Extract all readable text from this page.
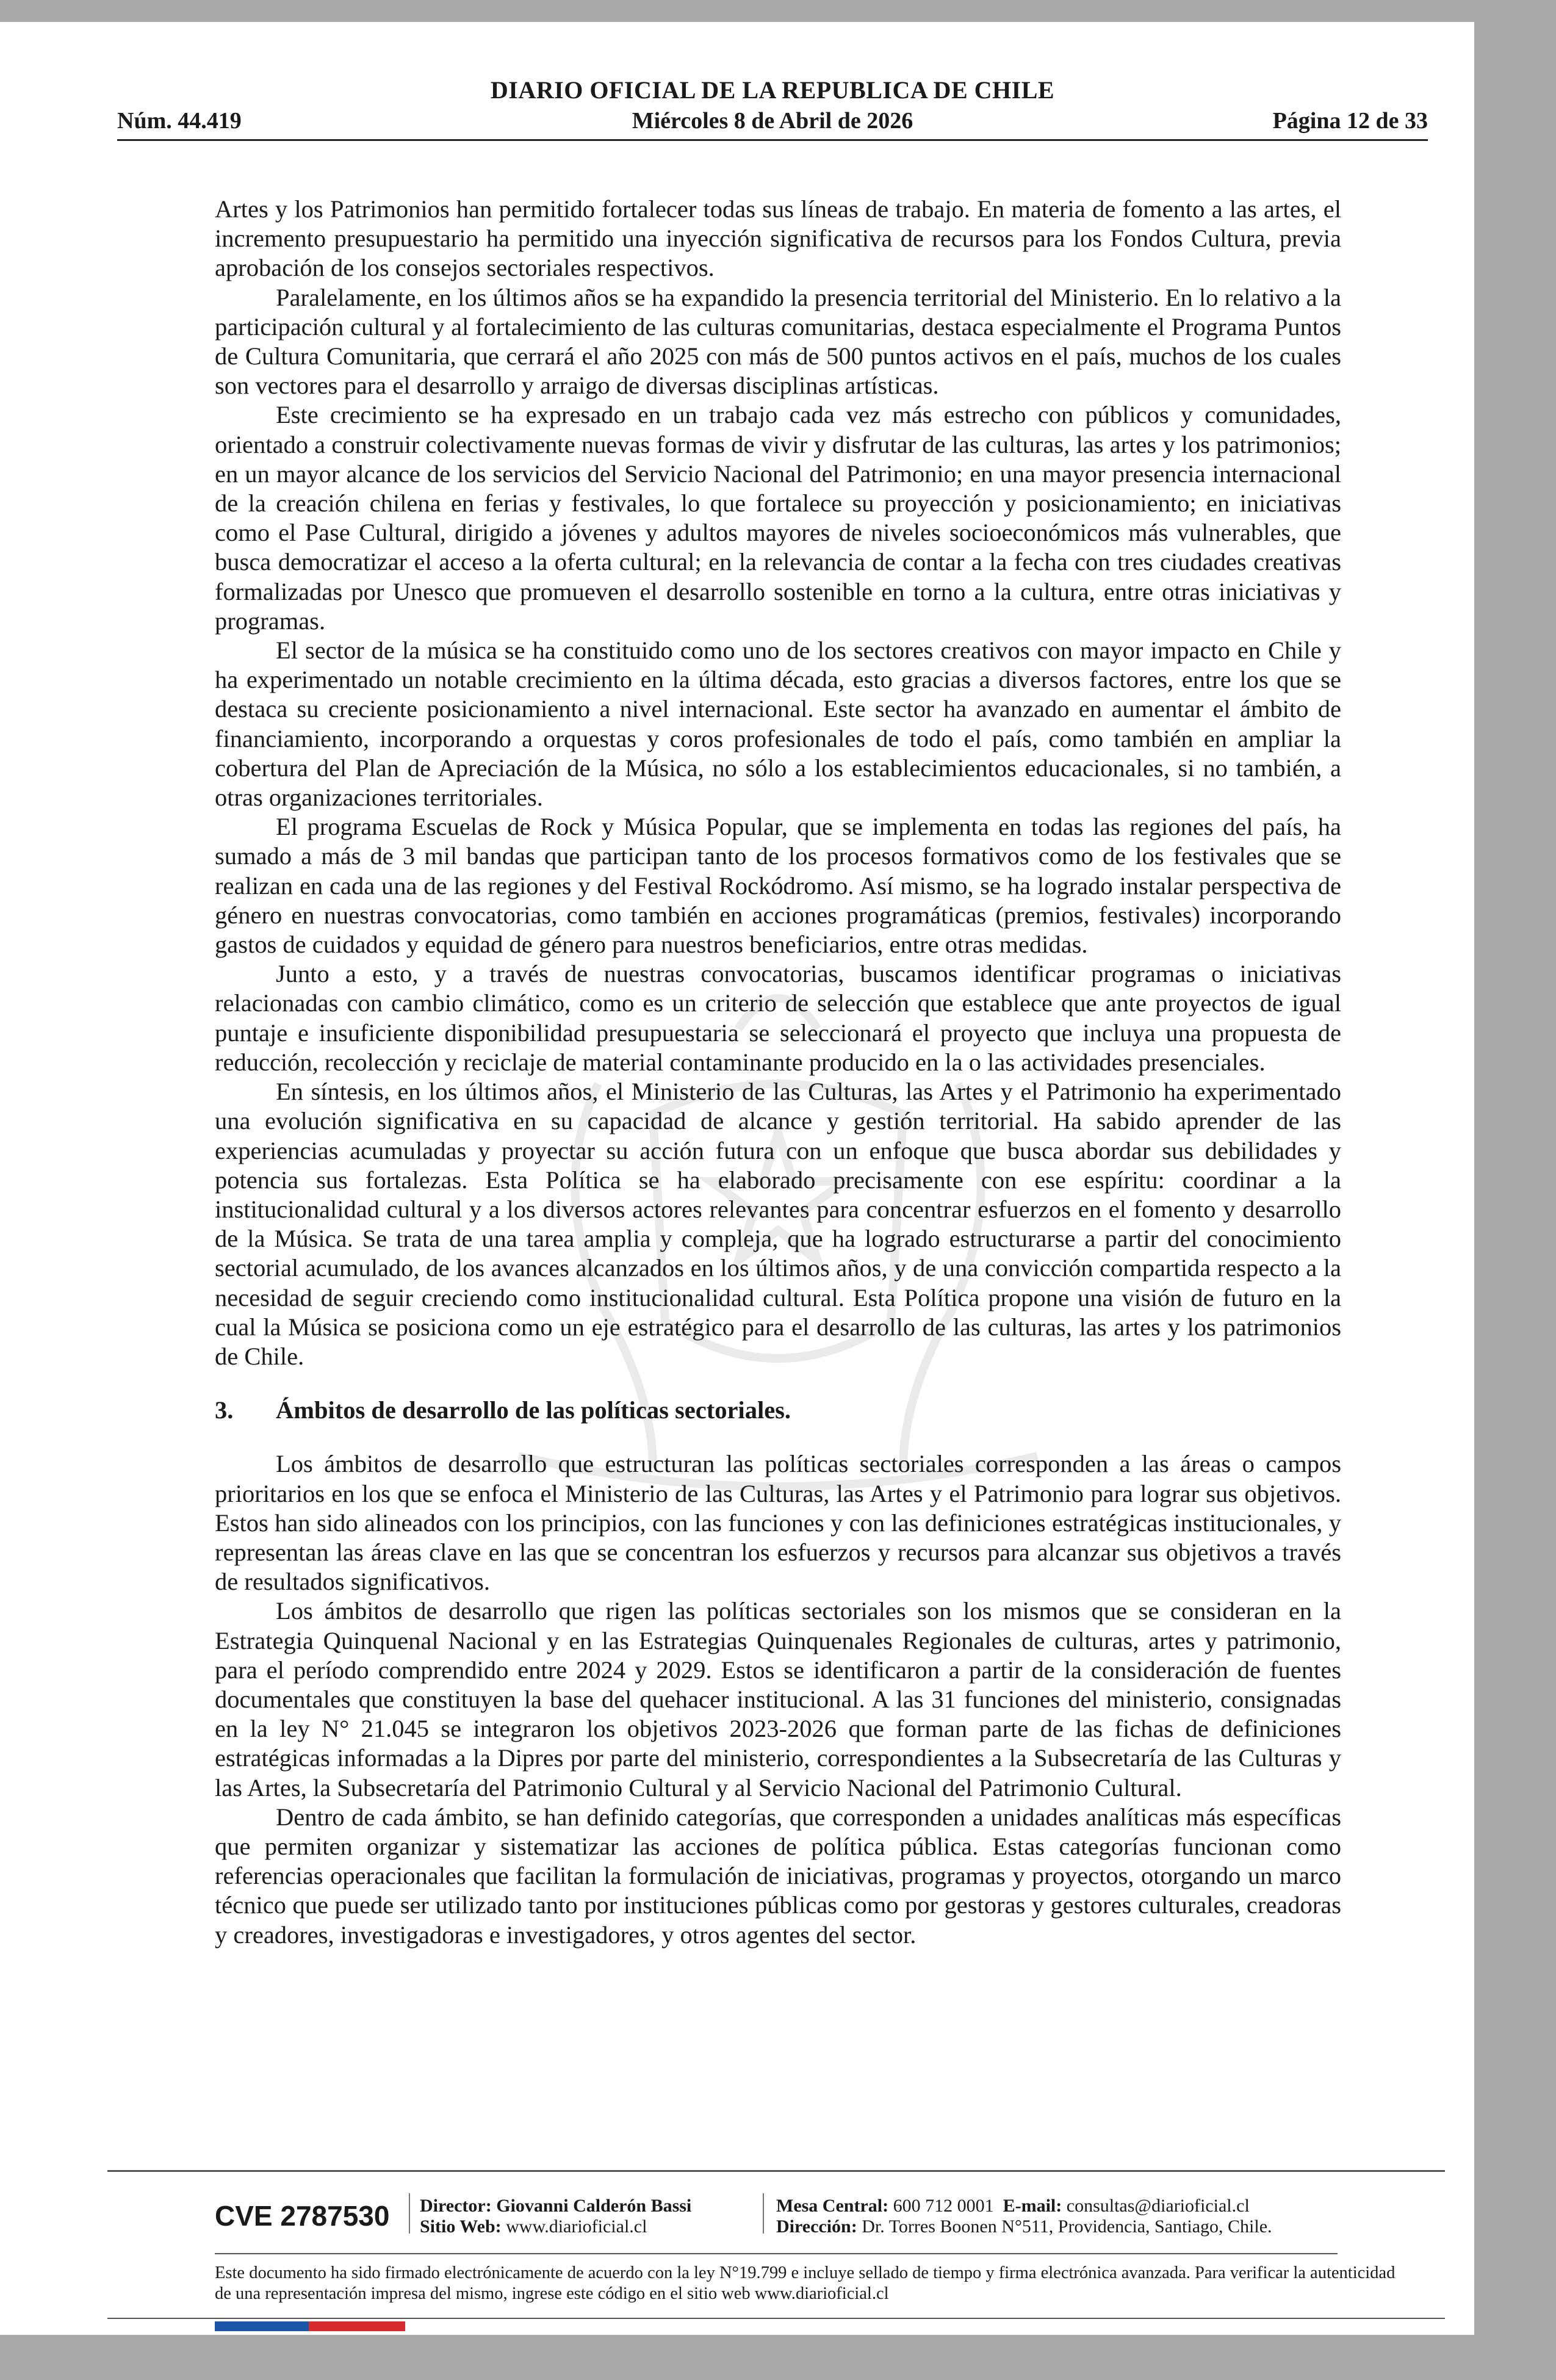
DIARIO OFICIAL DE LA REPUBLICA DE CHILE
Núm. 44.419	Miércoles 8 de Abril de 2026	Página 12 de 33

Artes y los Patrimonios han permitido fortalecer todas sus líneas de trabajo. En materia de fomento a las artes, el incremento presupuestario ha permitido una inyección significativa de recursos para los Fondos Cultura, previa aprobación de los consejos sectoriales respectivos.

Paralelamente, en los últimos años se ha expandido la presencia territorial del Ministerio. En lo relativo a la participación cultural y al fortalecimiento de las culturas comunitarias, destaca especialmente el Programa Puntos de Cultura Comunitaria, que cerrará el año 2025 con más de 500 puntos activos en el país, muchos de los cuales son vectores para el desarrollo y arraigo de diversas disciplinas artísticas.

Este crecimiento se ha expresado en un trabajo cada vez más estrecho con públicos y comunidades, orientado a construir colectivamente nuevas formas de vivir y disfrutar de las culturas, las artes y los patrimonios; en un mayor alcance de los servicios del Servicio Nacional del Patrimonio; en una mayor presencia internacional de la creación chilena en ferias y festivales, lo que fortalece su proyección y posicionamiento; en iniciativas como el Pase Cultural, dirigido a jóvenes y adultos mayores de niveles socioeconómicos más vulnerables, que busca democratizar el acceso a la oferta cultural; en la relevancia de contar a la fecha con tres ciudades creativas formalizadas por Unesco que promueven el desarrollo sostenible en torno a la cultura, entre otras iniciativas y programas.

El sector de la música se ha constituido como uno de los sectores creativos con mayor impacto en Chile y ha experimentado un notable crecimiento en la última década, esto gracias a diversos factores, entre los que se destaca su creciente posicionamiento a nivel internacional. Este sector ha avanzado en aumentar el ámbito de financiamiento, incorporando a orquestas y coros profesionales de todo el país, como también en ampliar la cobertura del Plan de Apreciación de la Música, no sólo a los establecimientos educacionales, si no también, a otras organizaciones territoriales.

El programa Escuelas de Rock y Música Popular, que se implementa en todas las regiones del país, ha sumado a más de 3 mil bandas que participan tanto de los procesos formativos como de los festivales que se realizan en cada una de las regiones y del Festival Rockódromo. Así mismo, se ha logrado instalar perspectiva de género en nuestras convocatorias, como también en acciones programáticas (premios, festivales) incorporando gastos de cuidados y equidad de género para nuestros beneficiarios, entre otras medidas.

Junto a esto, y a través de nuestras convocatorias, buscamos identificar programas o iniciativas relacionadas con cambio climático, como es un criterio de selección que establece que ante proyectos de igual puntaje e insuficiente disponibilidad presupuestaria se seleccionará el proyecto que incluya una propuesta de reducción, recolección y reciclaje de material contaminante producido en la o las actividades presenciales.

En síntesis, en los últimos años, el Ministerio de las Culturas, las Artes y el Patrimonio ha experimentado una evolución significativa en su capacidad de alcance y gestión territorial. Ha sabido aprender de las experiencias acumuladas y proyectar su acción futura con un enfoque que busca abordar sus debilidades y potencia sus fortalezas. Esta Política se ha elaborado precisamente con ese espíritu: coordinar a la institucionalidad cultural y a los diversos actores relevantes para concentrar esfuerzos en el fomento y desarrollo de la Música. Se trata de una tarea amplia y compleja, que ha logrado estructurarse a partir del conocimiento sectorial acumulado, de los avances alcanzados en los últimos años, y de una convicción compartida respecto a la necesidad de seguir creciendo como institucionalidad cultural. Esta Política propone una visión de futuro en la cual la Música se posiciona como un eje estratégico para el desarrollo de las culturas, las artes y los patrimonios de Chile.

3.	Ámbitos de desarrollo de las políticas sectoriales.

Los ámbitos de desarrollo que estructuran las políticas sectoriales corresponden a las áreas o campos prioritarios en los que se enfoca el Ministerio de las Culturas, las Artes y el Patrimonio para lograr sus objetivos. Estos han sido alineados con los principios, con las funciones y con las definiciones estratégicas institucionales, y representan las áreas clave en las que se concentran los esfuerzos y recursos para alcanzar sus objetivos a través de resultados significativos.

Los ámbitos de desarrollo que rigen las políticas sectoriales son los mismos que se consideran en la Estrategia Quinquenal Nacional y en las Estrategias Quinquenales Regionales de culturas, artes y patrimonio, para el período comprendido entre 2024 y 2029. Estos se identificaron a partir de la consideración de fuentes documentales que constituyen la base del quehacer institucional. A las 31 funciones del ministerio, consignadas en la ley N° 21.045 se integraron los objetivos 2023-2026 que forman parte de las fichas de definiciones estratégicas informadas a la Dipres por parte del ministerio, correspondientes a la Subsecretaría de las Culturas y las Artes, la Subsecretaría del Patrimonio Cultural y al Servicio Nacional del Patrimonio Cultural.

Dentro de cada ámbito, se han definido categorías, que corresponden a unidades analíticas más específicas que permiten organizar y sistematizar las acciones de política pública. Estas categorías funcionan como referencias operacionales que facilitan la formulación de iniciativas, programas y proyectos, otorgando un marco técnico que puede ser utilizado tanto por instituciones públicas como por gestoras y gestores culturales, creadoras y creadores, investigadoras e investigadores, y otros agentes del sector.

CVE 2787530 Director: Giovanni Calderón Bassi
Sitio Web: www.diarioficial.cl
Mesa Central: 600 712 0001 E-mail: consultas@diarioficial.cl
Dirección: Dr. Torres Boonen N°511, Providencia, Santiago, Chile.
Este documento ha sido firmado electrónicamente de acuerdo con la ley N°19.799 e incluye sellado de tiempo y firma electrónica avanzada. Para verificar la autenticidad de una representación impresa del mismo, ingrese este código en el sitio web www.diarioficial.cl
